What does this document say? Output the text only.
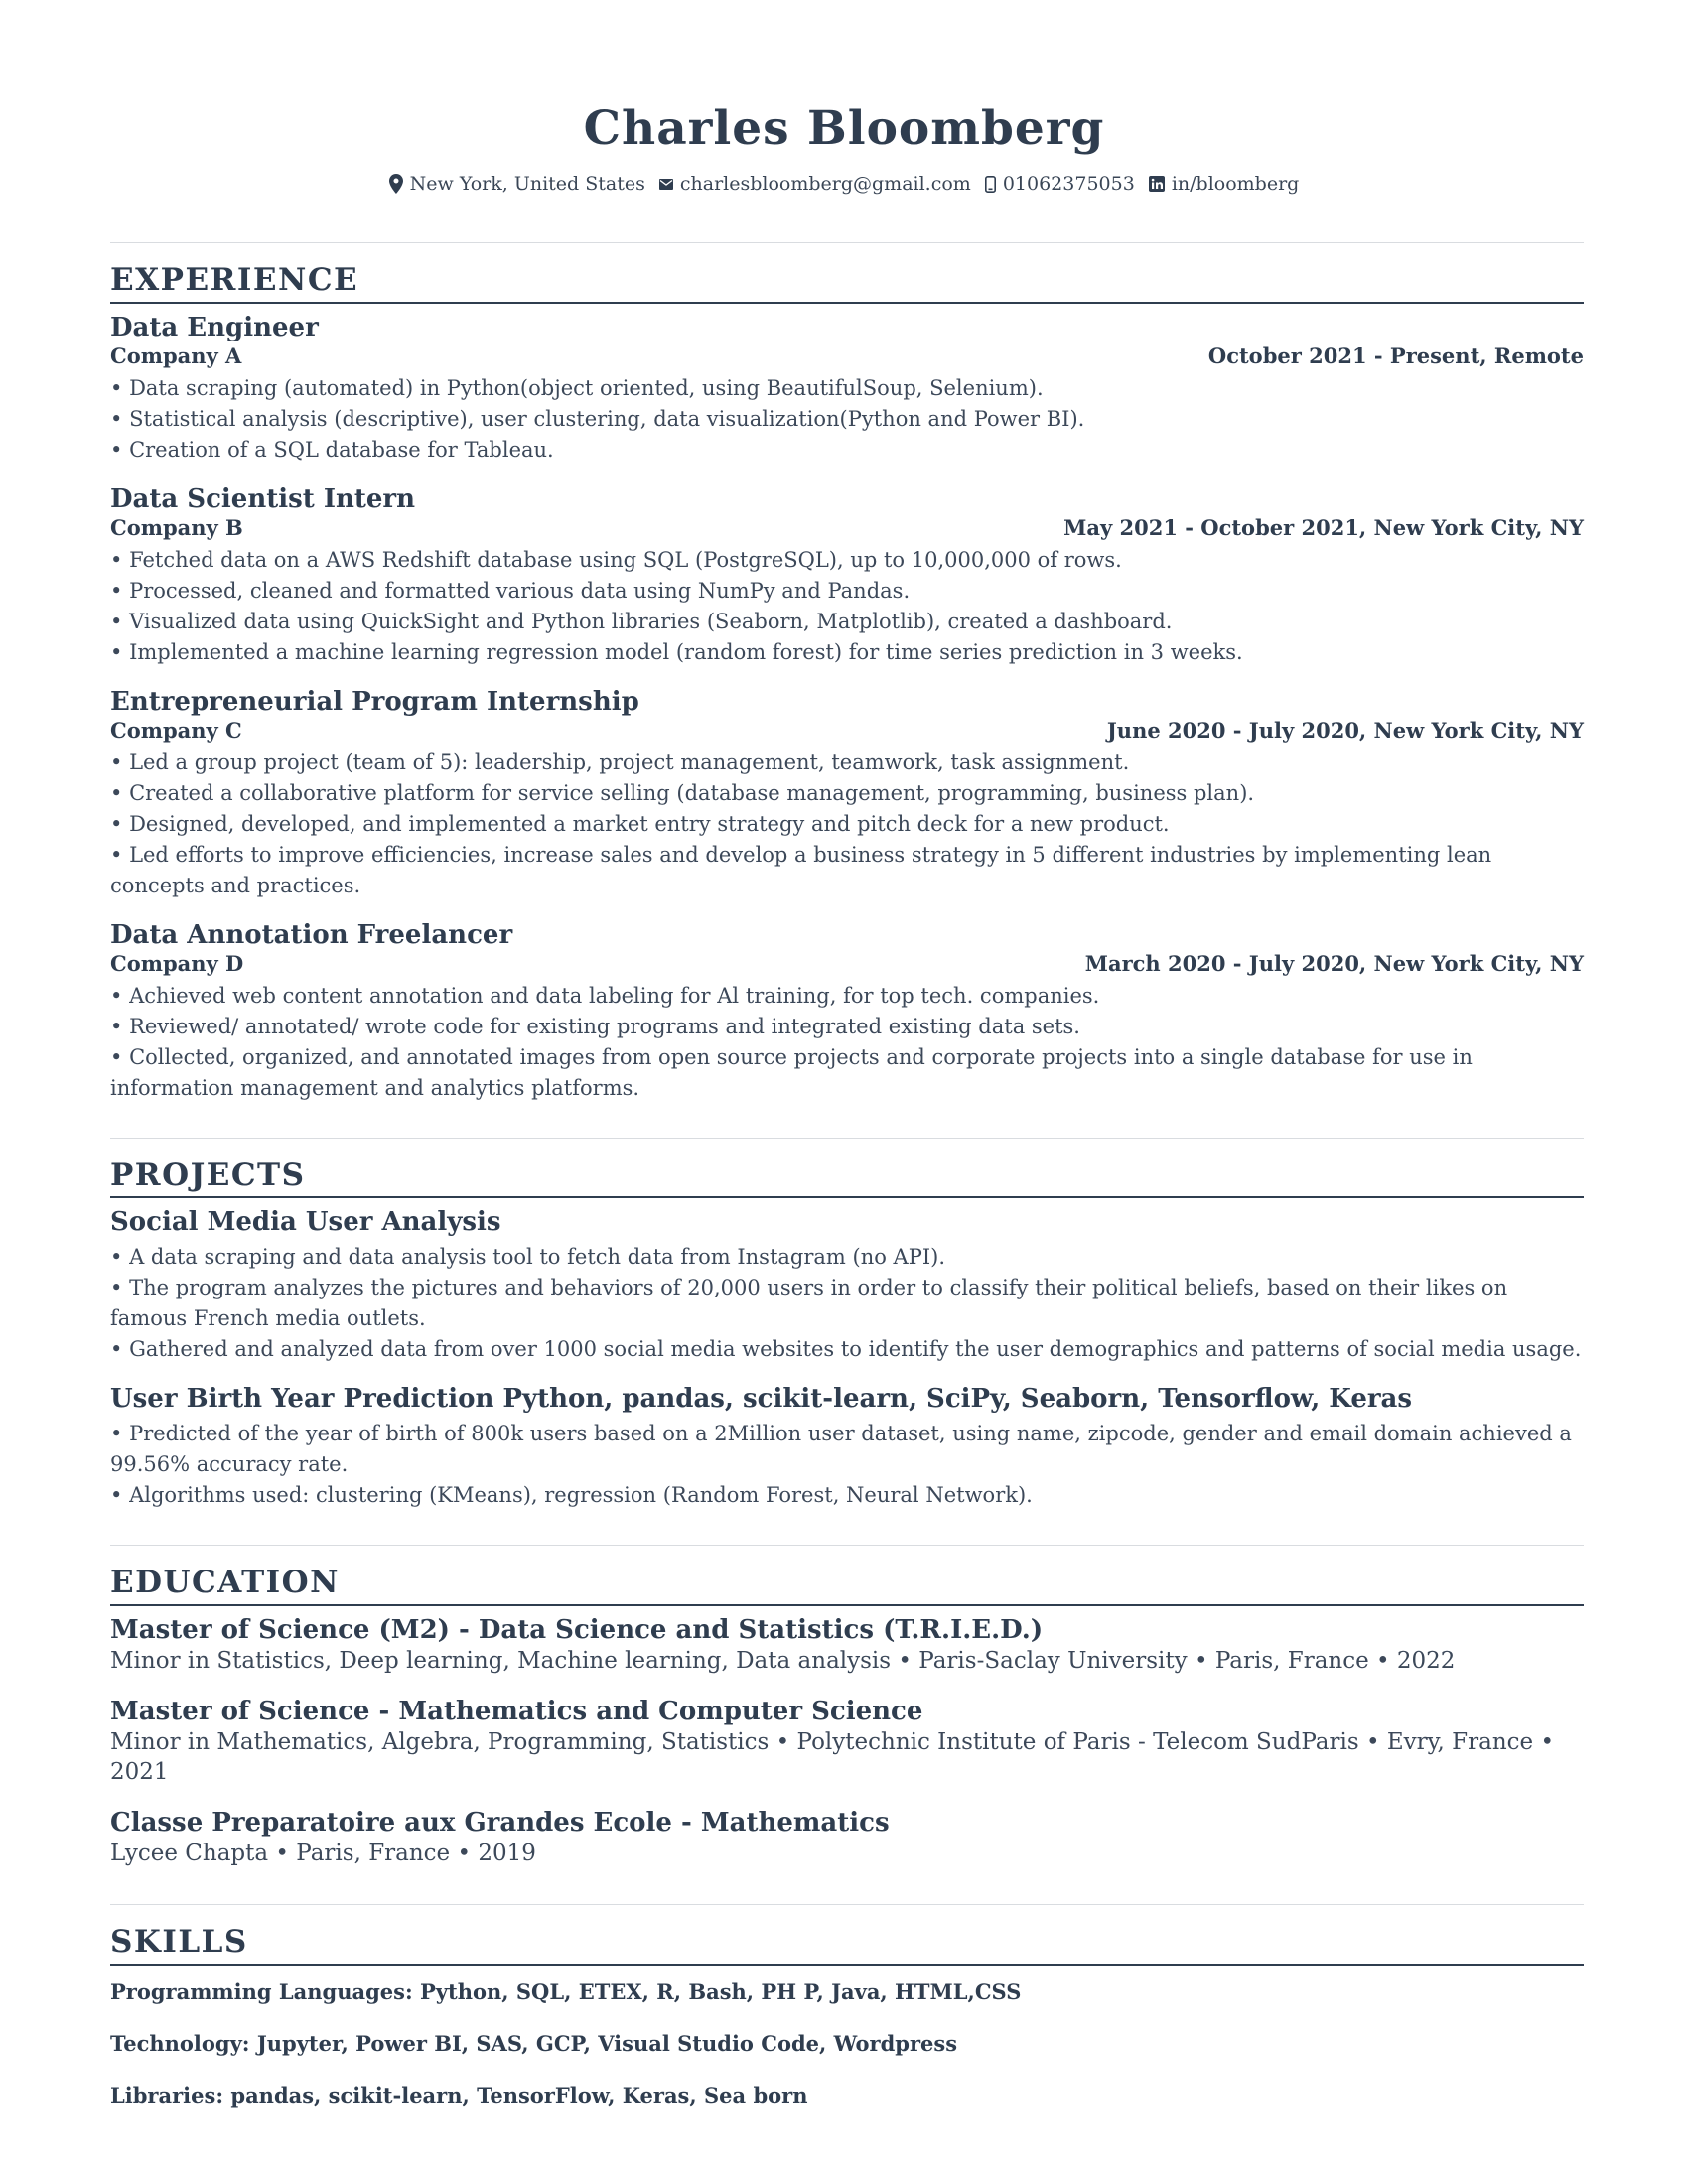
Charles Bloomberg
New York, United States charlesbloomberg@gmail.com 01062375053 in/bloomberg
EXPERIENCE
Data Engineer
Company A	October 2021 - Present, Remote
• Data scraping (automated) in Python(object oriented, using BeautifulSoup, Selenium).
• Statistical analysis (descriptive), user clustering, data visualization(Python and Power BI).
• Creation of a SQL database for Tableau.
Data Scientist Intern
Company B	May 2021 - October 2021, New York City, NY
• Fetched data on a AWS Redshift database using SQL (PostgreSQL), up to 10,000,000 of rows.
• Processed, cleaned and formatted various data using NumPy and Pandas.
• Visualized data using QuickSight and Python libraries (Seaborn, Matplotlib), created a dashboard.
• Implemented a machine learning regression model (random forest) for time series prediction in 3 weeks.
Entrepreneurial Program Internship
Company C	June 2020 - July 2020, New York City, NY
• Led a group project (team of 5): leadership, project management, teamwork, task assignment.
• Created a collaborative platform for service selling (database management, programming, business plan).
• Designed, developed, and implemented a market entry strategy and pitch deck for a new product.
• Led efforts to improve efficiencies, increase sales and develop a business strategy in 5 different industries by implementing lean concepts and practices.
Data Annotation Freelancer
Company D	March 2020 - July 2020, New York City, NY
• Achieved web content annotation and data labeling for Al training, for top tech. companies.
• Reviewed/ annotated/ wrote code for existing programs and integrated existing data sets.
• Collected, organized, and annotated images from open source projects and corporate projects into a single database for use in information management and analytics platforms.
PROJECTS
Social Media User Analysis
• A data scraping and data analysis tool to fetch data from Instagram (no API).
• The program analyzes the pictures and behaviors of 20,000 users in order to classify their political beliefs, based on their likes on famous French media outlets.
• Gathered and analyzed data from over 1000 social media websites to identify the user demographics and patterns of social media usage.
User Birth Year Prediction Python, pandas, scikit-learn, SciPy, Seaborn, Tensorflow, Keras
• Predicted of the year of birth of 800k users based on a 2Million user dataset, using name, zipcode, gender and email domain achieved a 99.56% accuracy rate.
• Algorithms used: clustering (KMeans), regression (Random Forest, Neural Network).
EDUCATION
Master of Science (M2) - Data Science and Statistics (T.R.I.E.D.)
Minor in Statistics, Deep learning, Machine learning, Data analysis • Paris-Saclay University • Paris, France • 2022
Master of Science - Mathematics and Computer Science
Minor in Mathematics, Algebra, Programming, Statistics • Polytechnic Institute of Paris - Telecom SudParis • Evry, France • 2021
Classe Preparatoire aux Grandes Ecole - Mathematics
Lycee Chapta • Paris, France • 2019
SKILLS
Programming Languages: Python, SQL, ETEX, R, Bash, PH P, Java, HTML,CSS
Technology: Jupyter, Power BI, SAS, GCP, Visual Studio Code, Wordpress
Libraries: pandas, scikit-learn, TensorFlow, Keras, Sea born
